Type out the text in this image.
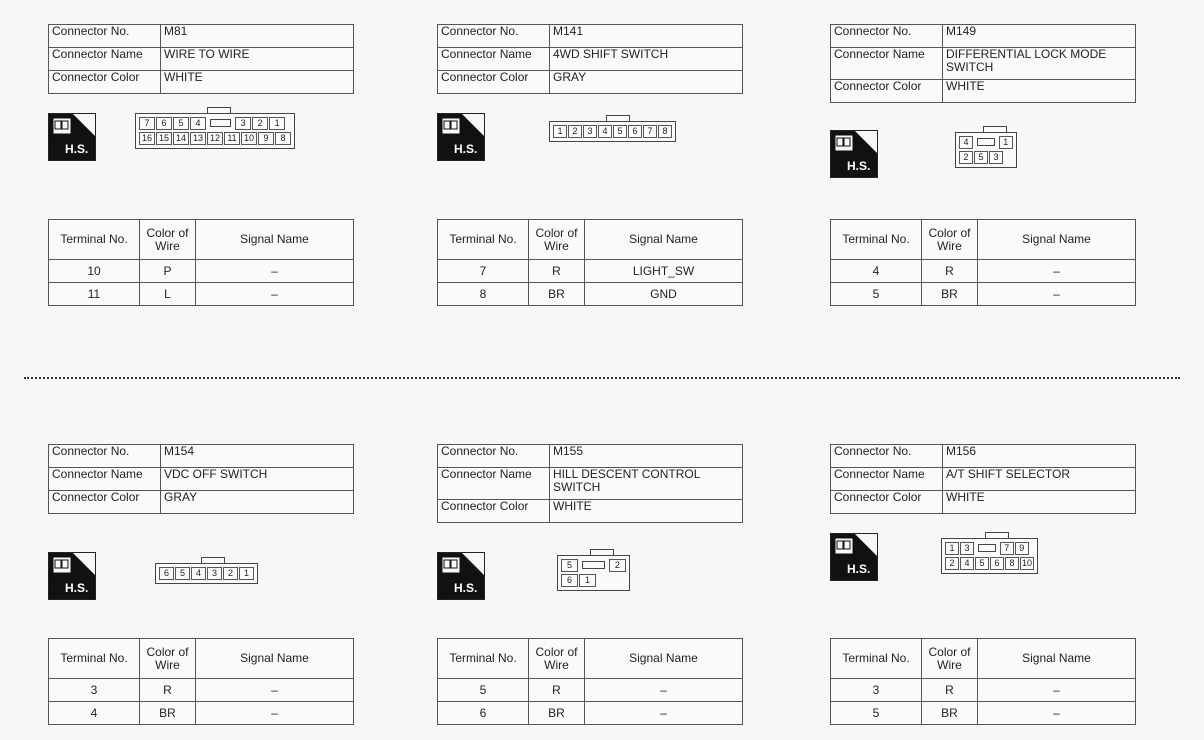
Connector No.	M81
Connector Name	WIRE TO WIRE
Connector Color	WHITE
H.S.
7	6	5	4	3	2	1
16 15 14 13 12 11 10	9	8
Terminal No.	Color of Wire	Signal Name
10	P	–
11	L	–
Connector No.	M141
Connector Name	4WD SHIFT SWITCH
Connector Color	GRAY
H.S.
1	2	3	4	5	6	7	8
Terminal No.	Color of Wire	Signal Name
7	R	LIGHT_SW
8	BR	GND
Connector No.	M149
Connector Name	DIFFERENTIAL LOCK MODE SWITCH
Connector Color	WHITE
H.S.
4	1
2	5	3
Terminal No.	Color of Wire	Signal Name
4	R	–
5	BR	–
Connector No.	M154
Connector Name	VDC OFF SWITCH
Connector Color	GRAY
H.S.
6	5	4	3	2	1
Terminal No.	Color of Wire	Signal Name
3	R	–
4	BR	–
Connector No.	M155
Connector Name	HILL DESCENT CONTROL SWITCH
Connector Color	WHITE
H.S.
5	2
6	1
Terminal No.	Color of Wire	Signal Name
5	R	–
6	BR	–
Connector No.	M156
Connector Name	A/T SHIFT SELECTOR
Connector Color	WHITE
H.S.
1	3	7	9
2	4	5	6	8 10
Terminal No.	Color of Wire	Signal Name
3	R	–
5	BR	–
